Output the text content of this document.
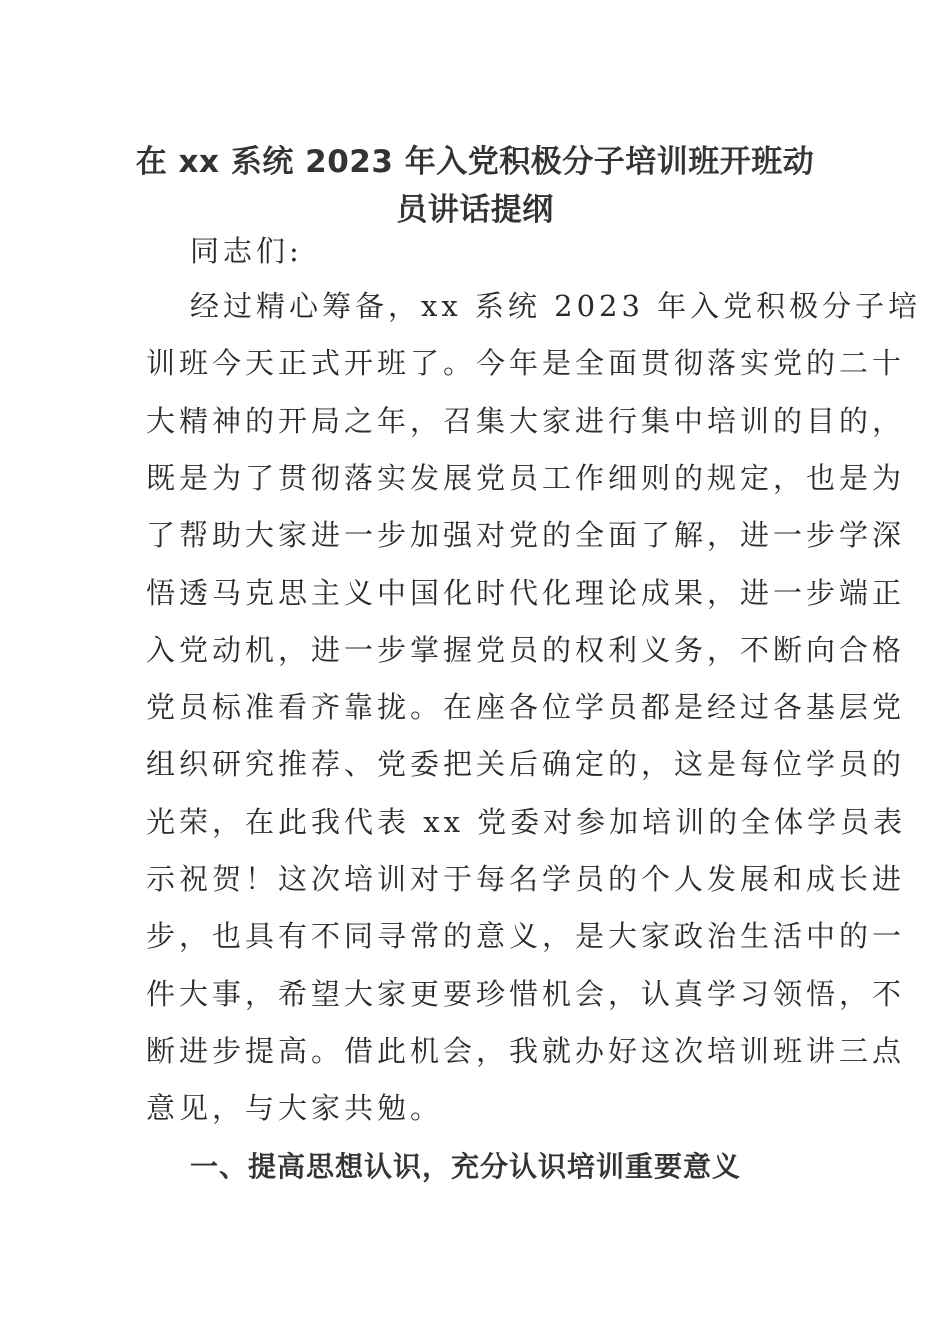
在 xx 系统 2023 年入党积极分子培训班开班动
员讲话提纲
同志们:
经过精心筹备，xx 系统 2023 年入党积极分子培
训班今天正式开班了。今年是全面贯彻落实党的二十
大精神的开局之年，召集大家进行集中培训的目的，
既是为了贯彻落实发展党员工作细则的规定，也是为
了帮助大家进一步加强对党的全面了解，进一步学深
悟透马克思主义中国化时代化理论成果，进一步端正
入党动机，进一步掌握党员的权利义务，不断向合格
党员标准看齐靠拢。在座各位学员都是经过各基层党
组织研究推荐、党委把关后确定的，这是每位学员的
光荣，在此我代表 xx 党委对参加培训的全体学员表
示祝贺！这次培训对于每名学员的个人发展和成长进
步，也具有不同寻常的意义，是大家政治生活中的一
件大事，希望大家更要珍惜机会，认真学习领悟，不
断进步提高。借此机会，我就办好这次培训班讲三点
意见，与大家共勉。
一、提高思想认识，充分认识培训重要意义
